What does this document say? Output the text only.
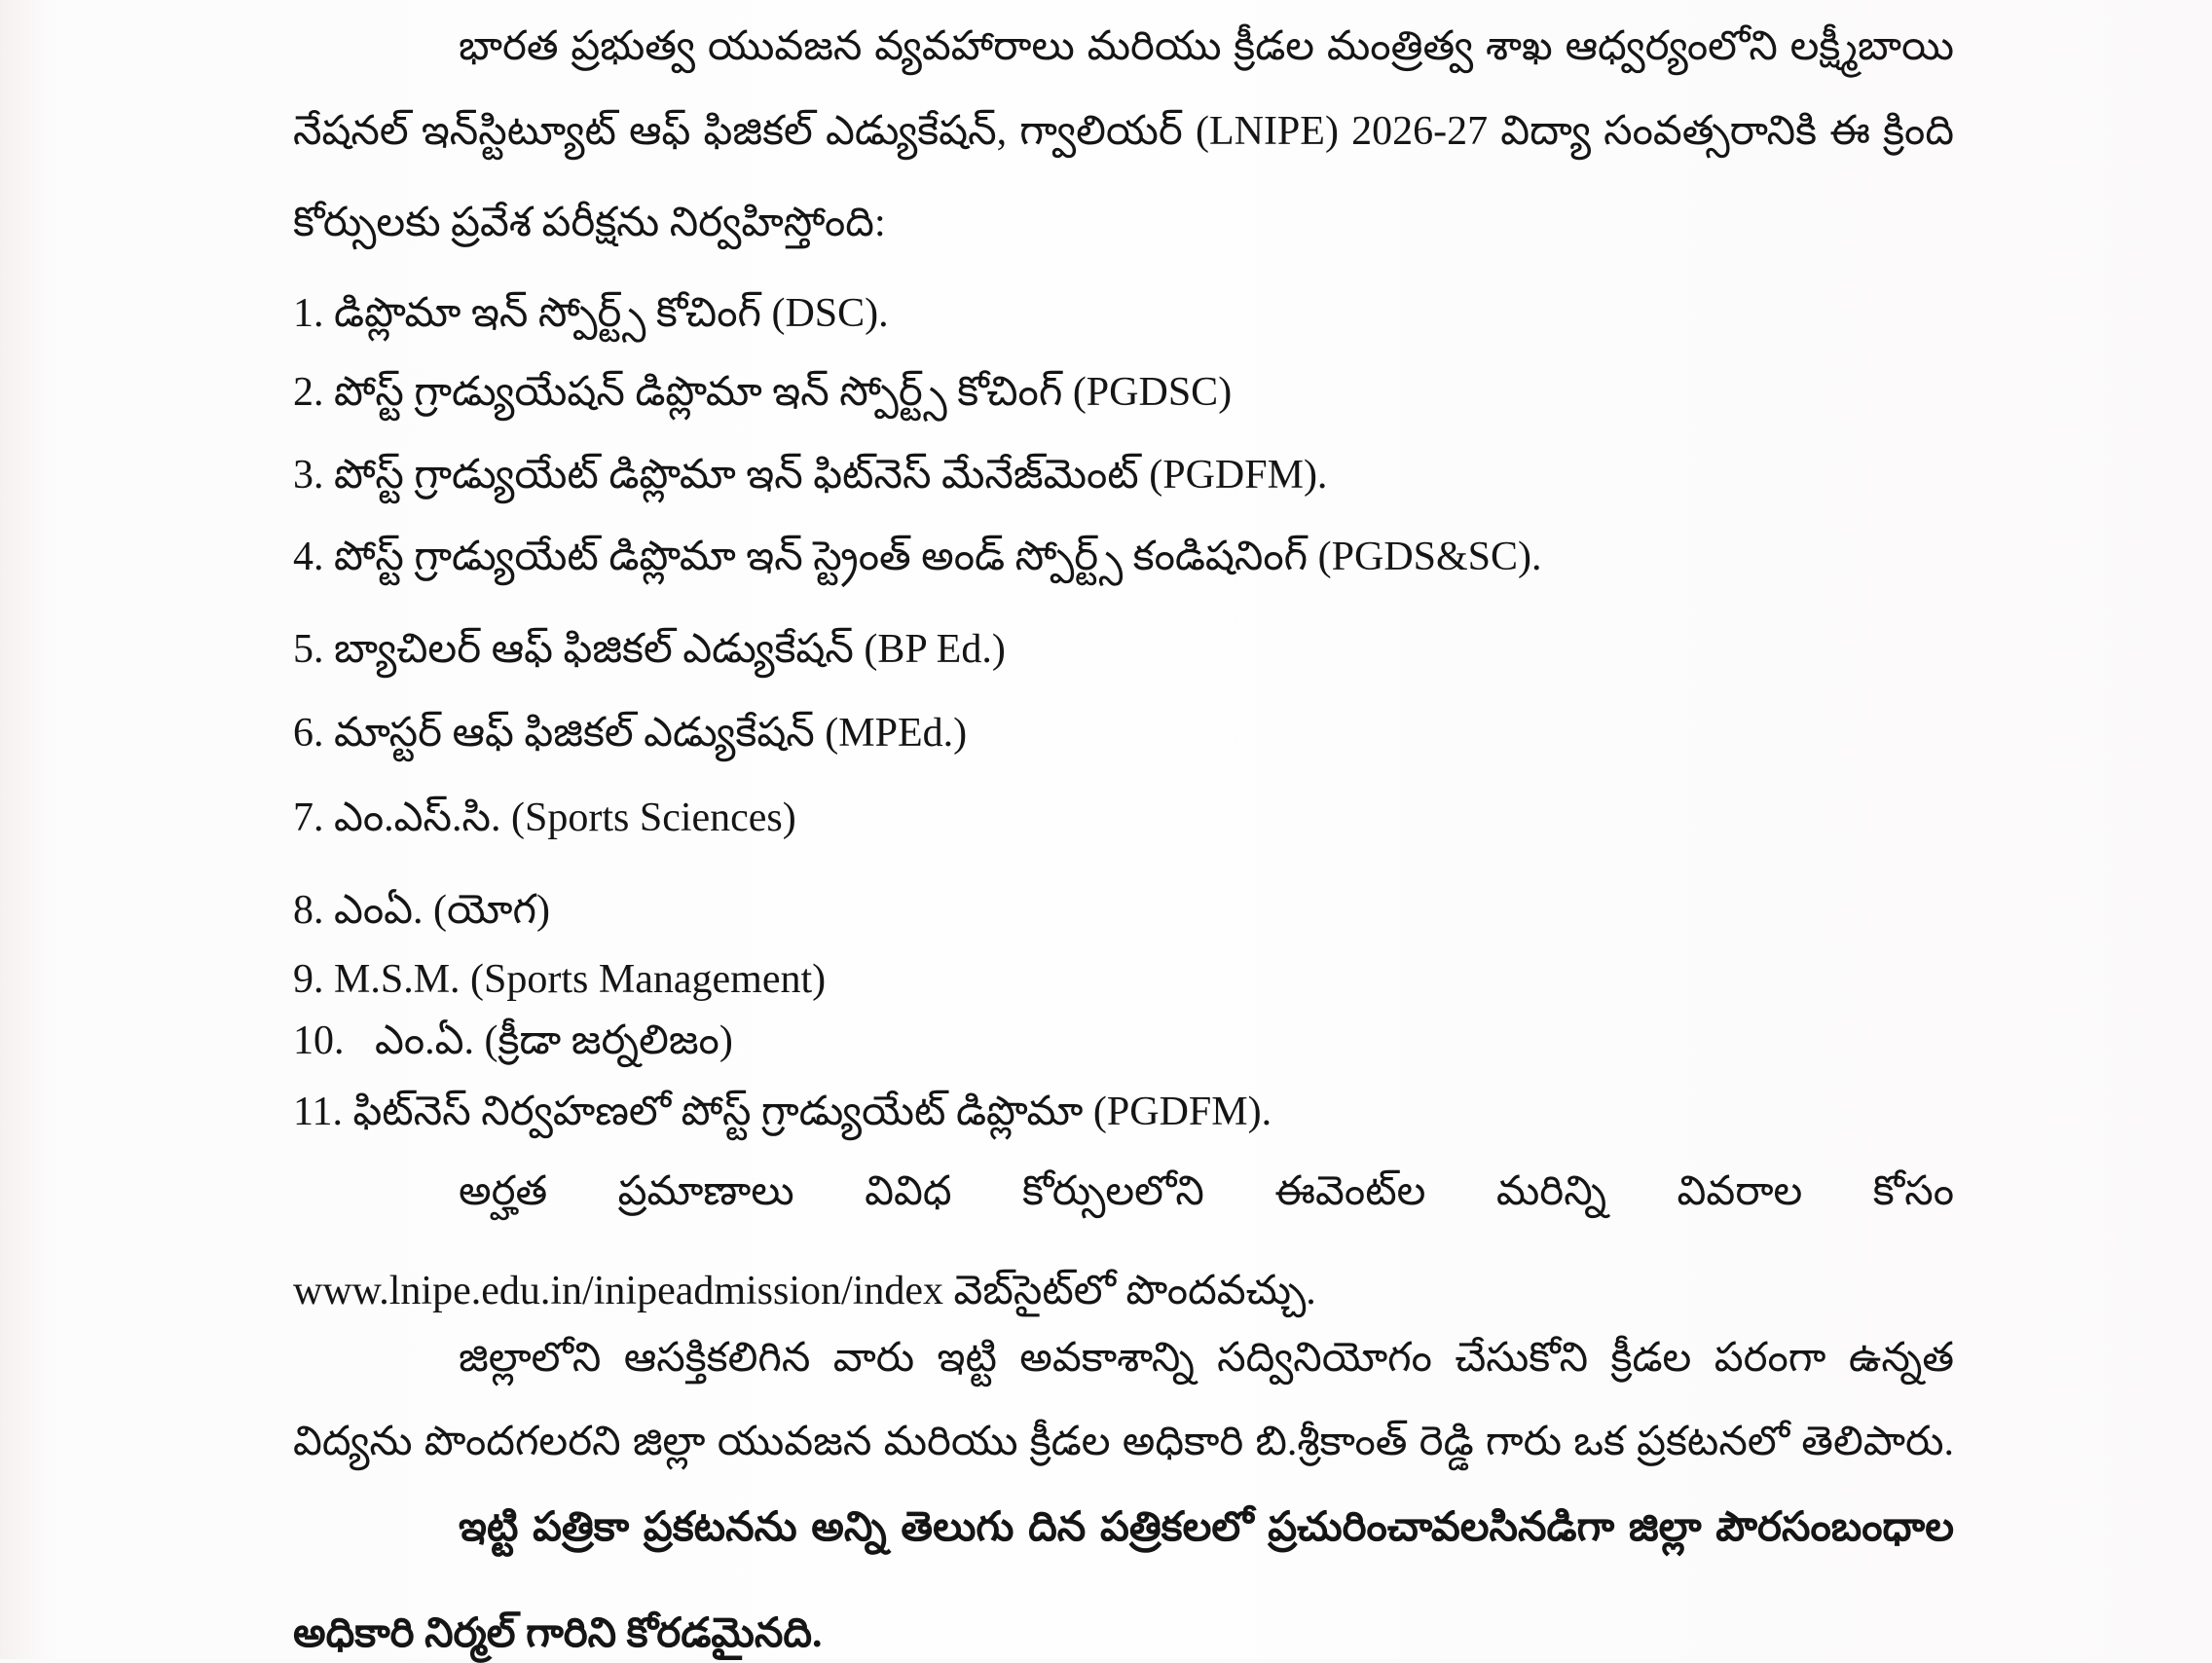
భారత ప్రభుత్వ యువజన వ్యవహారాలు మరియు క్రీడల మంత్రిత్వ శాఖ ఆధ్వర్యంలోని లక్ష్మీబాయి
నేషనల్ ఇన్‌స్టిట్యూట్ ఆఫ్ ఫిజికల్ ఎడ్యుకేషన్, గ్వాలియర్ (LNIPE) 2026-27 విద్యా సంవత్సరానికి ఈ క్రింది
కోర్సులకు ప్రవేశ పరీక్షను నిర్వహిస్తోంది:
1. డిప్లొమా ఇన్ స్పోర్ట్స్ కోచింగ్ (DSC).
2. పోస్ట్ గ్రాడ్యుయేషన్ డిప్లొమా ఇన్ స్పోర్ట్స్ కోచింగ్ (PGDSC)
3. పోస్ట్ గ్రాడ్యుయేట్ డిప్లొమా ఇన్ ఫిట్‌నెస్ మేనేజ్‌మెంట్ (PGDFM).
4. పోస్ట్ గ్రాడ్యుయేట్ డిప్లొమా ఇన్ స్ట్రెంత్ అండ్ స్పోర్ట్స్ కండిషనింగ్ (PGDS&SC).
5. బ్యాచిలర్ ఆఫ్ ఫిజికల్ ఎడ్యుకేషన్ (BP Ed.)
6. మాస్టర్ ఆఫ్ ఫిజికల్ ఎడ్యుకేషన్ (MPEd.)
7. ఎం.ఎస్.సి. (Sports Sciences)
8. ఎంఏ. (యోగ)
9. M.S.M. (Sports Management)
10.   ఎం.ఏ. (క్రీడా జర్నలిజం)
11. ఫిట్‌నెస్ నిర్వహణలో పోస్ట్ గ్రాడ్యుయేట్ డిప్లొమా (PGDFM).
అర్హత ప్రమాణాలు వివిధ కోర్సులలోని ఈవెంట్‌ల మరిన్ని వివరాల కోసం
www.lnipe.edu.in/inipeadmission/index వెబ్‌సైట్‌లో పొందవచ్చు.
జిల్లాలోని ఆసక్తికలిగిన వారు ఇట్టి అవకాశాన్ని సద్వినియోగం చేసుకోని క్రీడల పరంగా ఉన్నత
విద్యను పొందగలరని జిల్లా యువజన మరియు క్రీడల అధికారి బి.శ్రీకాంత్ రెడ్డి గారు ఒక ప్రకటనలో తెలిపారు.
ఇట్టి పత్రికా ప్రకటనను అన్ని తెలుగు దిన పత్రికలలో ప్రచురించావలసినడిగా జిల్లా పౌరసంబంధాల
అధికారి నిర్మల్ గారిని కోరడమైనది.
